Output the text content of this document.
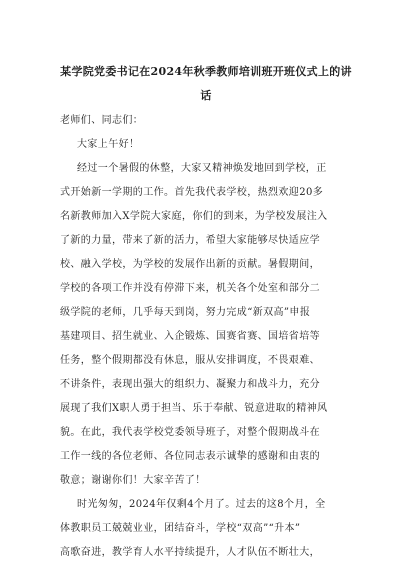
某学院党委书记在2024年秋季教师培训班开班仪式上的讲
话
老师们、同志们：
大家上午好！
经过一个暑假的休整，大家又精神焕发地回到学校，正
式开始新一学期的工作。首先我代表学校，热烈欢迎20多
名新教师加入X学院大家庭，你们的到来，为学校发展注入
了新的力量，带来了新的活力，希望大家能够尽快适应学
校、融入学校，为学校的发展作出新的贡献。暑假期间，
学校的各项工作并没有停滞下来，机关各个处室和部分二
级学院的老师，几乎每天到岗，努力完成“新双高”申报
基建项目、招生就业、入企锻炼、国赛省赛、国培省培等
任务，整个假期都没有休息，服从安排调度，不畏艰难、
不讲条件，表现出强大的组织力、凝聚力和战斗力，充分
展现了我们X职人勇于担当、乐于奉献、锐意进取的精神风
貌。在此，我代表学校党委领导班子，对整个假期战斗在
工作一线的各位老师、各位同志表示诚挚的感谢和由衷的
敬意；谢谢你们！大家辛苦了！
时光匆匆，2024年仅剩4个月了。过去的这8个月，全
体教职员工兢兢业业，团结奋斗，学校“双高”“升本”
高歌奋进，教学育人水平持续提升，人才队伍不断壮大，
